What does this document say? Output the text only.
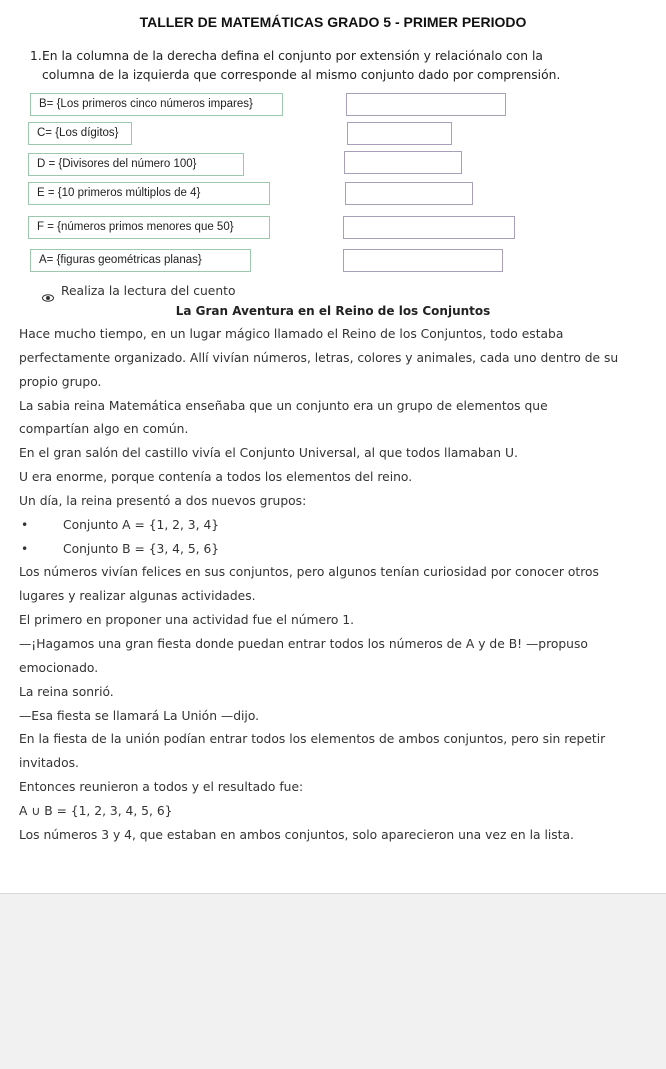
TALLER DE MATEMÁTICAS GRADO 5 - PRIMER PERIODO
1. En la columna de la derecha defina el conjunto por extensión y relaciónalo con la
columna de la izquierda que corresponde al mismo conjunto dado por comprensión.
B= {Los primeros cinco números impares}
C= {Los dígitos}
D = {Divisores del número 100}
E = {10 primeros múltiplos de 4}
F = {números primos menores que 50}
A= {figuras geométricas planas}
Realiza la lectura del cuento
La Gran Aventura en el Reino de los Conjuntos
Hace mucho tiempo, en un lugar mágico llamado el Reino de los Conjuntos, todo estaba
perfectamente organizado. Allí vivían números, letras, colores y animales, cada uno dentro de su
propio grupo.
La sabia reina Matemática enseñaba que un conjunto era un grupo de elementos que
compartían algo en común.
En el gran salón del castillo vivía el Conjunto Universal, al que todos llamaban U.
U era enorme, porque contenía a todos los elementos del reino.
Un día, la reina presentó a dos nuevos grupos:
•	Conjunto A = {1, 2, 3, 4}
•	Conjunto B = {3, 4, 5, 6}
Los números vivían felices en sus conjuntos, pero algunos tenían curiosidad por conocer otros
lugares y realizar algunas actividades.
El primero en proponer una actividad fue el número 1.
—¡Hagamos una gran fiesta donde puedan entrar todos los números de A y de B! —propuso
emocionado.
La reina sonrió.
—Esa fiesta se llamará La Unión —dijo.
En la fiesta de la unión podían entrar todos los elementos de ambos conjuntos, pero sin repetir
invitados.
Entonces reunieron a todos y el resultado fue:
A ∪ B = {1, 2, 3, 4, 5, 6}
Los números 3 y 4, que estaban en ambos conjuntos, solo aparecieron una vez en la lista.
